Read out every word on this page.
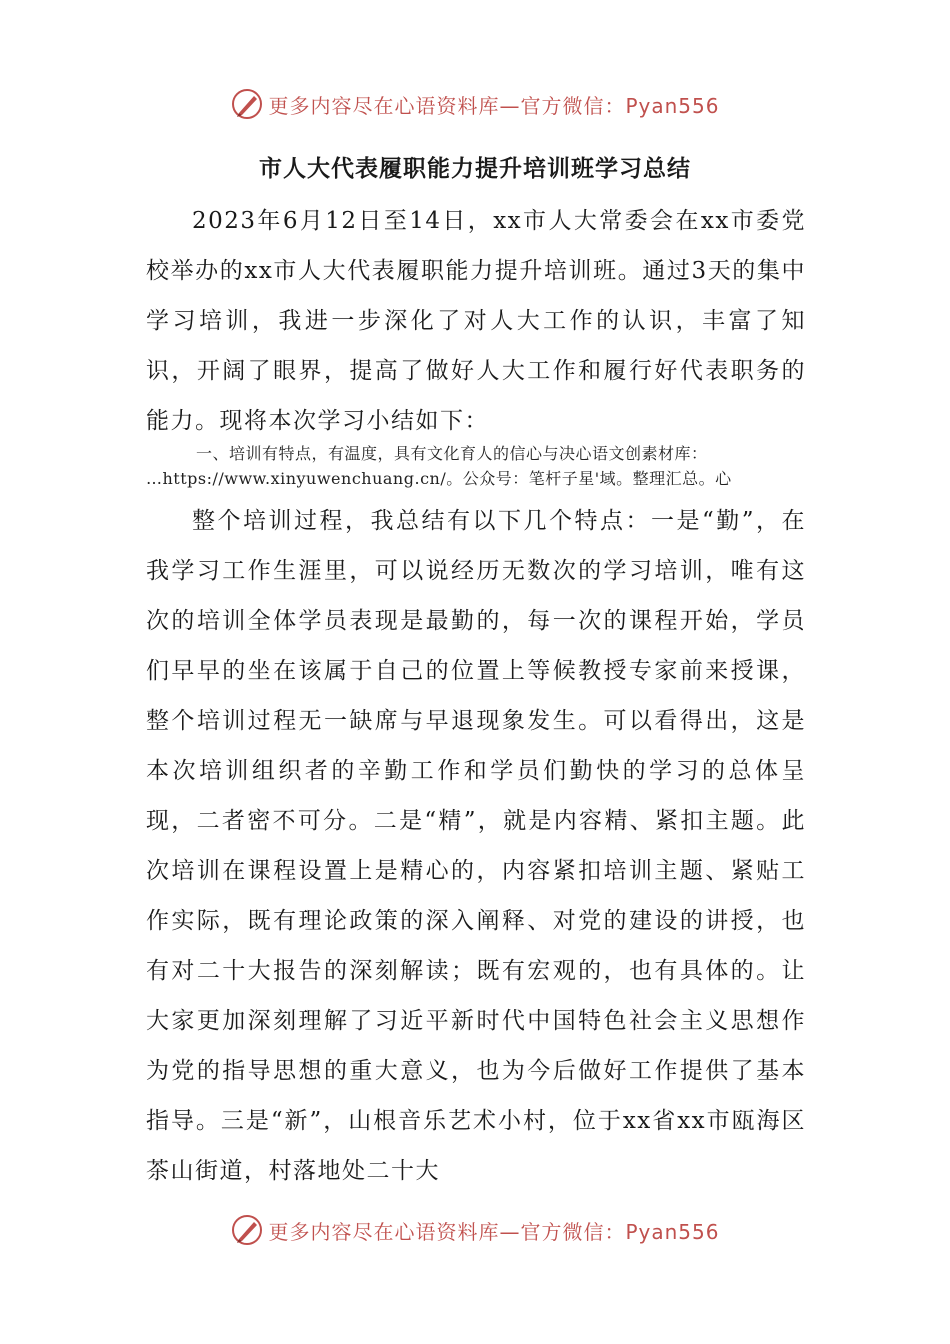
更多内容尽在心语资料库—官方微信：Pyan556
市人大代表履职能力提升培训班学习总结

2023年6月12日至14日，xx市人大常委会在xx市委党校举办的xx市人大代表履职能力提升培训班。通过3天的集中学习培训，我进一步深化了对人大工作的认识，丰富了知识，开阔了眼界，提高了做好人大工作和履行好代表职务的能力。现将本次学习小结如下：

一、培训有特点，有温度，具有文化育人的信心与决心语文创素材库：
…https://www.xinyuwenchuang.cn/。公众号：笔杆子星'域。整理汇总。心

整个培训过程，我总结有以下几个特点：一是“勤”，在我学习工作生涯里，可以说经历无数次的学习培训，唯有这次的培训全体学员表现是最勤的，每一次的课程开始，学员们早早的坐在该属于自己的位置上等候教授专家前来授课，整个培训过程无一缺席与早退现象发生。可以看得出，这是本次培训组织者的辛勤工作和学员们勤快的学习的总体呈现，二者密不可分。二是“精”，就是内容精、紧扣主题。此次培训在课程设置上是精心的，内容紧扣培训主题、紧贴工作实际，既有理论政策的深入阐释、对党的建设的讲授，也有对二十大报告的深刻解读；既有宏观的，也有具体的。让大家更加深刻理解了习近平新时代中国特色社会主义思想作为党的指导思想的重大意义，也为今后做好工作提供了基本指导。三是“新”，山根音乐艺术小村，位于xx省xx市瓯海区茶山街道，村落地处二十大

更多内容尽在心语资料库—官方微信：Pyan556
